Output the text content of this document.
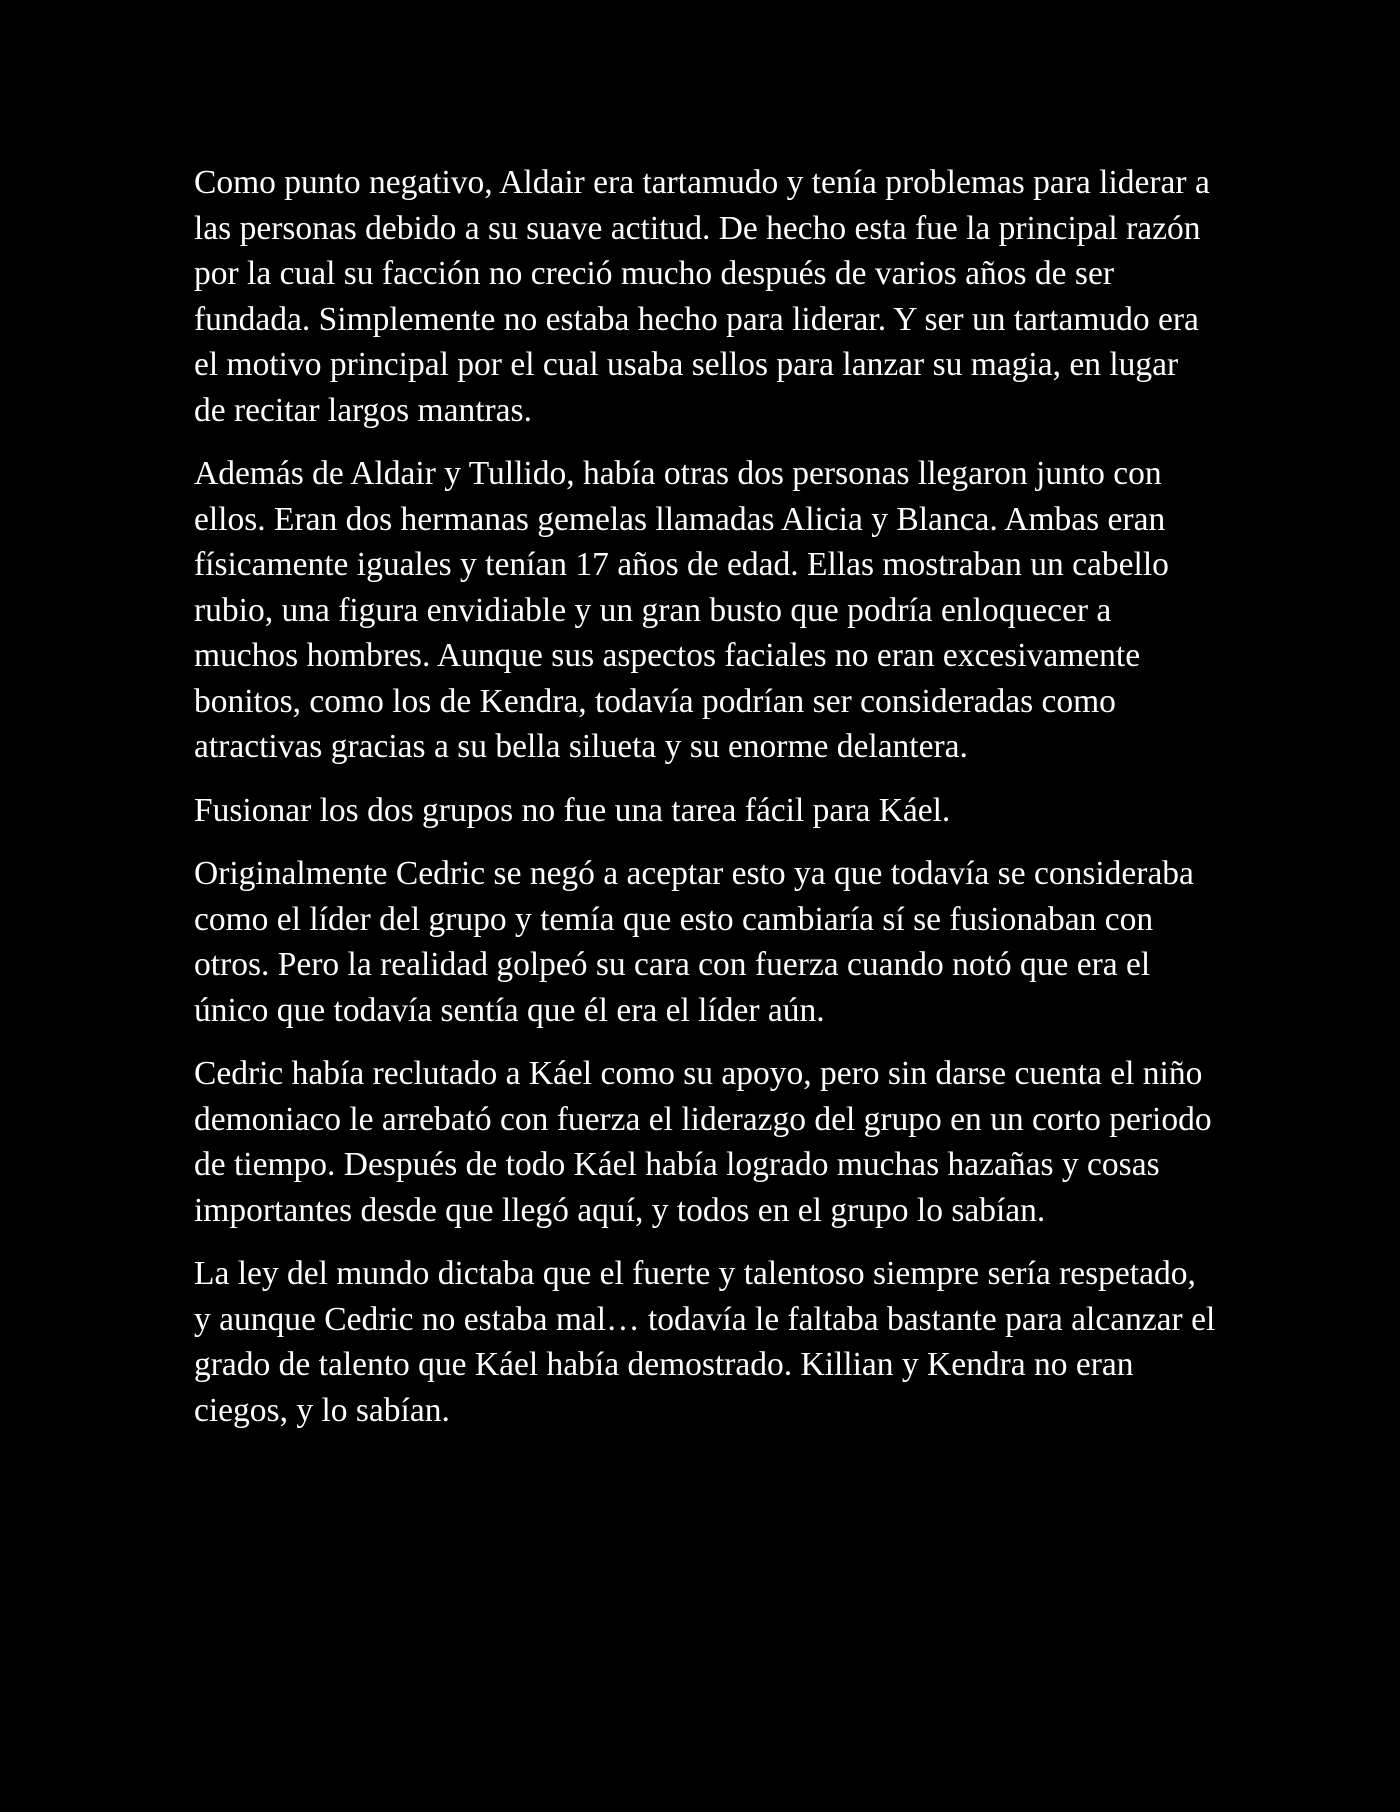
Como punto negativo, Aldair era tartamudo y tenía problemas para liderar a las personas debido a su suave actitud. De hecho esta fue la principal razón por la cual su facción no creció mucho después de varios años de ser fundada. Simplemente no estaba hecho para liderar. Y ser un tartamudo era el motivo principal por el cual usaba sellos para lanzar su magia, en lugar de recitar largos mantras.

Además de Aldair y Tullido, había otras dos personas llegaron junto con ellos. Eran dos hermanas gemelas llamadas Alicia y Blanca. Ambas eran físicamente iguales y tenían 17 años de edad. Ellas mostraban un cabello rubio, una figura envidiable y un gran busto que podría enloquecer a muchos hombres. Aunque sus aspectos faciales no eran excesivamente bonitos, como los de Kendra, todavía podrían ser consideradas como atractivas gracias a su bella silueta y su enorme delantera.

Fusionar los dos grupos no fue una tarea fácil para Káel.

Originalmente Cedric se negó a aceptar esto ya que todavía se consideraba como el líder del grupo y temía que esto cambiaría sí se fusionaban con otros. Pero la realidad golpeó su cara con fuerza cuando notó que era el único que todavía sentía que él era el líder aún.

Cedric había reclutado a Káel como su apoyo, pero sin darse cuenta el niño demoniaco le arrebató con fuerza el liderazgo del grupo en un corto periodo de tiempo. Después de todo Káel había logrado muchas hazañas y cosas importantes desde que llegó aquí, y todos en el grupo lo sabían.

La ley del mundo dictaba que el fuerte y talentoso siempre sería respetado, y aunque Cedric no estaba mal… todavía le faltaba bastante para alcanzar el grado de talento que Káel había demostrado. Killian y Kendra no eran ciegos, y lo sabían.
